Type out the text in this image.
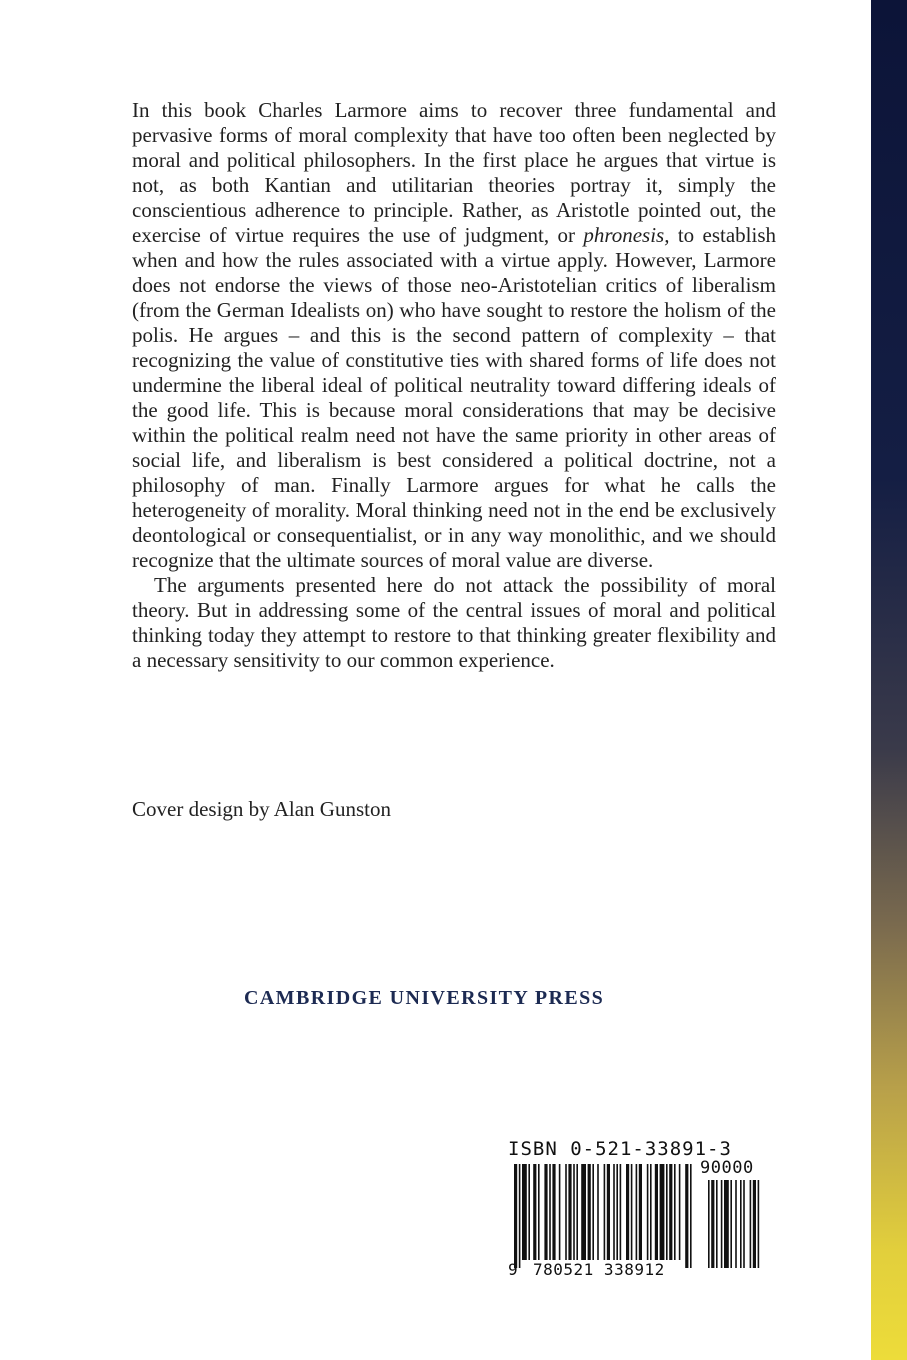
In this book Charles Larmore aims to recover three fundamental and pervasive forms of moral complexity that have too often been neglected by moral and political philosophers. In the first place he argues that virtue is not, as both Kantian and utilitarian theories portray it, simply the conscientious adherence to principle. Rather, as Aristotle pointed out, the exercise of virtue requires the use of judgment, or phronesis, to establish when and how the rules associated with a virtue apply. However, Larmore does not endorse the views of those neo-Aristotelian critics of liberalism (from the German Idealists on) who have sought to restore the holism of the polis. He argues – and this is the second pattern of complexity – that recognizing the value of constitutive ties with shared forms of life does not undermine the liberal ideal of political neutrality toward differing ideals of the good life. This is because moral considerations that may be decisive within the political realm need not have the same priority in other areas of social life, and liberalism is best considered a political doctrine, not a philosophy of man. Finally Larmore argues for what he calls the heterogeneity of morality. Moral thinking need not in the end be exclusively deontological or consequentialist, or in any way monolithic, and we should recognize that the ultimate sources of moral value are diverse.

The arguments presented here do not attack the possibility of moral theory. But in addressing some of the central issues of moral and political thinking today they attempt to restore to that thinking greater flexibility and a necessary sensitivity to our common experience.

Cover design by Alan Gunston
CAMBRIDGE UNIVERSITY PRESS
ISBN 0-521-33891-3
90000
9 780521 338912
